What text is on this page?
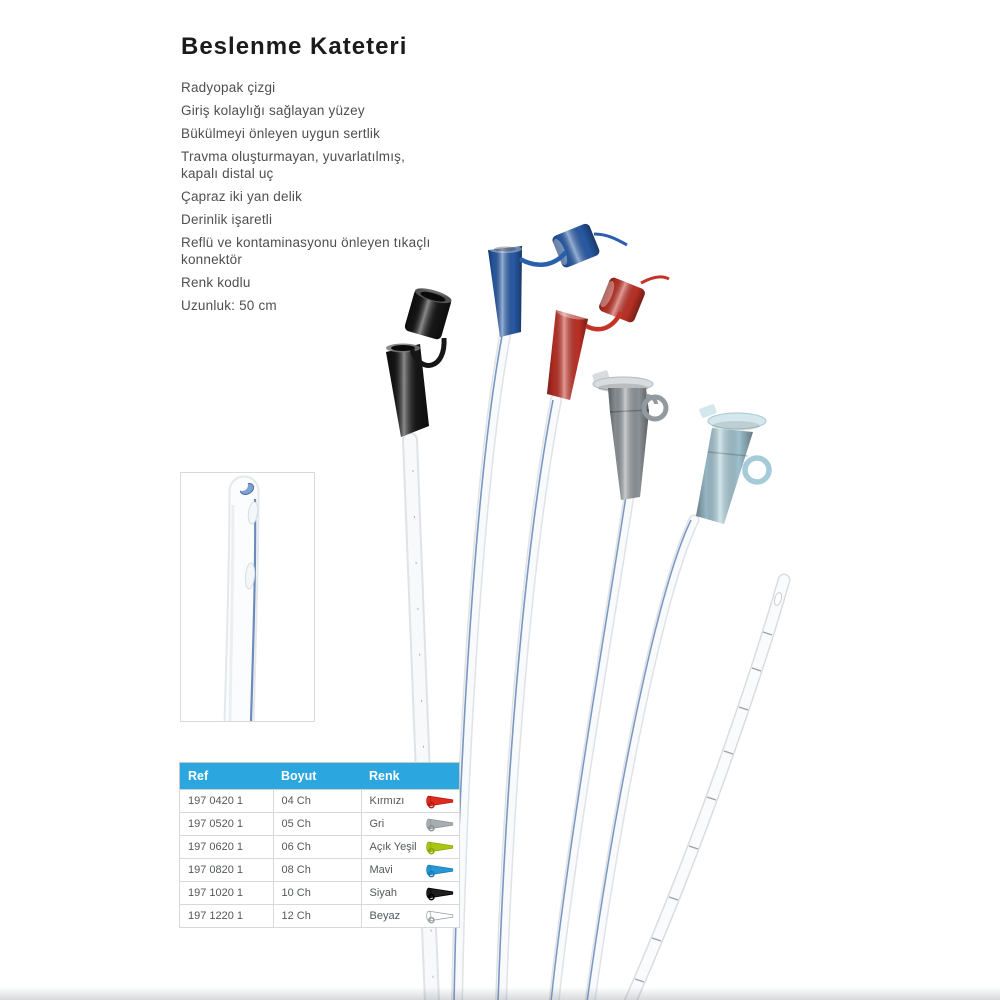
Beslenme Kateteri
Radyopak çizgi
Giriş kolaylığı sağlayan yüzey
Bükülmeyi önleyen uygun sertlik
Travma oluşturmayan, yuvarlatılmış, kapalı distal uç
Çapraz iki yan delik
Derinlik işaretli
Reflü ve kontaminasyonu önleyen tıkaçlı konnektör
Renk kodlu
Uzunluk: 50 cm
Ref	Boyut	Renk
197 0420 1	04 Ch	Kırmızı

197 0520 1	05 Ch	Gri

197 0620 1	06 Ch	Açık Yeşil

197 0820 1	08 Ch	Mavi

197 1020 1	10 Ch	Siyah

197 1220 1	12 Ch	Beyaz
